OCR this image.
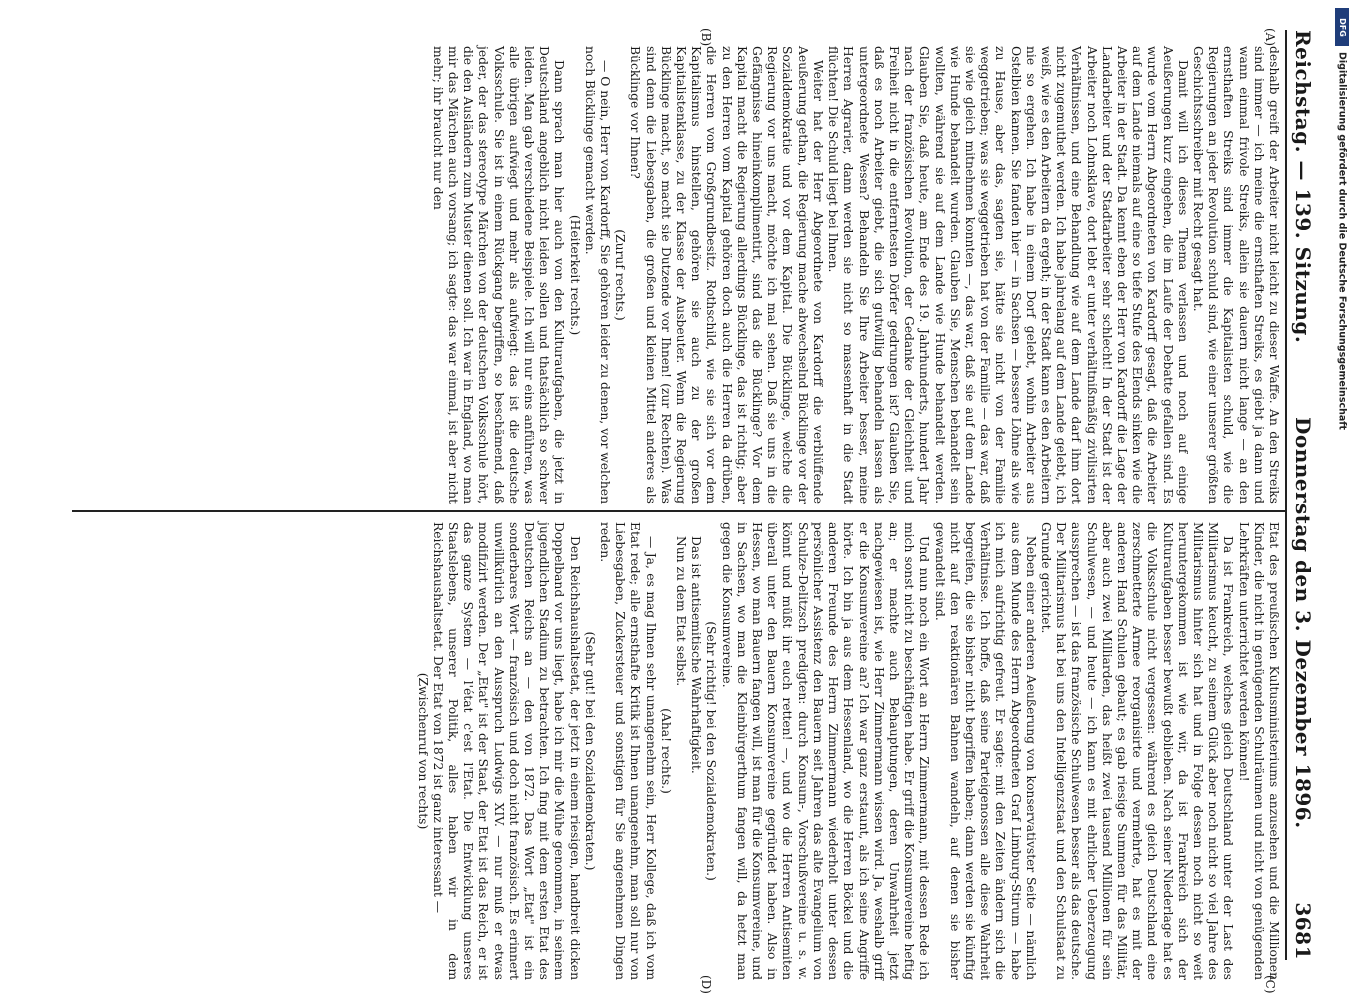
Reichstag. — 139. Sitzung.
Donnerstag den 3. Dezember 1896.
3681
(A)
(B)
(C)
(D)

deshalb greift der Arbeiter nicht leicht zu dieser Waffe. An den Streiks sind immer — ich meine die ernsthaften Streiks, es giebt ja dann und wann einmal frivole Streiks, allein sie dauern nicht lange — an den ernsthaften Streiks sind immer die Kapitalisten schuld, wie die Regierungen an jeder Revolution schuld sind, wie einer unserer größten Geschichtsschreiber mit Recht gesagt hat.

Damit will ich dieses Thema verlassen und noch auf einige Aeußerungen kurz eingehen, die im Laufe der Debatte gefallen sind. Es wurde vom Herrn Abgeordneten von Kardorff gesagt, daß die Arbeiter auf dem Lande niemals auf eine so tiefe Stufe des Elends sinken wie die Arbeiter in der Stadt. Da kennt eben der Herr von Kardorff die Lage der Landarbeiter und der Stadtarbeiter sehr schlecht! In der Stadt ist der Arbeiter noch Lohnsklave, dort lebt er unter verhältnißmäßig zivilisirten Verhältnissen, und eine Behandlung wie auf dem Lande darf ihm dort nicht zugemuthet werden. Ich habe jahrelang auf dem Lande gelebt, ich weiß, wie es den Arbeitern da ergeht; in der Stadt kann es den Arbeitern nie so ergehen. Ich habe in einem Dorf gelebt, wohin Arbeiter aus Ostelbien kamen. Sie fanden hier — in Sachsen — bessere Löhne als wie zu Hause, aber das, sagten sie, hätte sie nicht von der Familie weggetrieben; was sie weggetrieben hat von der Familie — das war, daß sie wie gleich mitnehmen konnten —, das war, daß sie auf dem Lande wie Hunde behandelt wurden. Glauben Sie, Menschen behandelt sein wollten, während sie auf dem Lande wie Hunde behandelt werden. Glauben Sie, daß heute, am Ende des 19. Jahrhunderts, hundert Jahr nach der französischen Revolution, der Gedanke der Gleichheit und Freiheit nicht in die entferntesten Dörfer gedrungen ist? Glauben Sie, daß es noch Arbeiter giebt, die sich gutwillig behandeln lassen als untergeordnete Wesen? Behandeln Sie Ihre Arbeiter besser, meine Herren Agrarier, dann werden sie nicht so massenhaft in die Stadt flüchten! Die Schuld liegt bei Ihnen.

Weiter hat der Herr Abgeordnete von Kardorff die verblüffende Aeußerung gethan, die Regierung mache abwechselnd Bücklinge vor der Sozialdemokratie und vor dem Kapital. Die Bücklinge, welche die Regierung vor uns macht, möchte ich mal sehen. Daß sie uns in die Gefängnisse hineinkomplimentirt, sind das die Bücklinge? Vor dem Kapital macht die Regierung allerdings Bücklinge, das ist richtig; aber zu den Herren vom Kapital gehören doch auch die Herren da drüben, die Herren vom Großgrundbesitz. Rothschild, wie sie sich vor dem Kapitalismus hinstellen, gehören sie auch zu der großen Kapitalistenklasse, zu der Klasse der Ausbeuter. Wenn die Regierung Bücklinge macht, so macht sie Dutzende vor Ihnen! (zur Rechten). Was sind denn die Liebesgaben, die großen und kleinen Mittel anderes als Bücklinge vor Ihnen?

(Zuruf rechts.)

— O nein, Herr von Kardorff, Sie gehören leider zu denen, vor welchen noch Bücklinge gemacht werden.

(Heiterkeit rechts.)

Dann sprach man hier auch von den Kulturaufgaben, die jetzt in Deutschland angeblich nicht leiden sollen und thatsächlich so schwer leiden. Man gab verschiedene Beispiele. Ich will nur eins anführen, was alle übrigen aufwiegt und mehr als aufwiegt: das ist die deutsche Volksschule. Sie ist in einem Rückgang begriffen, so beschämend, daß jeder, der das stereotype Märchen von der deutschen Volksschule hört, die den Ausländern zum Muster dienen soll. Ich war in England, wo man mir das Märchen auch vorsang; ich sagte: das war einmal, ist aber nicht mehr; ihr braucht nur den

Etat des preußischen Kultusministeriums anzusehen und die Millionen Kinder, die nicht in genügenden Schulräumen und nicht von genügenden Lehrkräften unterrichtet werden können!

Da ist Frankreich, welches gleich Deutschland unter der Last des Militarismus keucht, zu seinem Glück aber noch nicht so viel Jahre des Militarismus hinter sich hat und in Folge dessen noch nicht so weit heruntergekommen ist wie wir, da ist Frankreich sich der Kulturaufgaben besser bewußt geblieben. Nach seiner Niederlage hat es die Volksschule nicht vergessen: während es gleich Deutschland eine zerschmetterte Armee reorganisirte und vermehrte, hat es mit der anderen Hand Schulen gebaut; es gab riesige Summen für das Militär, aber auch zwei Milliarden, das heißt zwei tausend Millionen für sein Schulwesen, — und heute — ich kann es mit ehrlicher Ueberzeugung aussprechen — ist das französische Schulwesen besser als das deutsche. Der Militarismus hat bei uns den Intelligenzstaat und den Schulstaat zu Grunde gerichtet.

Neben einer anderen Aeußerung von konservativster Seite — nämlich aus dem Munde des Herrn Abgeordneten Graf Limburg-Stirum — habe ich mich aufrichtig gefreut. Er sagte: mit den Zeiten ändern sich die Verhältnisse. Ich hoffe, daß seine Parteigenossen alle diese Wahrheit begreifen, die sie bisher nicht begriffen haben; dann werden sie künftig nicht auf den reaktionären Bahnen wandeln, auf denen sie bisher gewandelt sind.

Und nun noch ein Wort an Herrn Zimmermann, mit dessen Rede ich mich sonst nicht zu beschäftigen habe. Er griff die Konsumvereine heftig an; er machte auch Behauptungen, deren Unwahrheit jetzt nachgewiesen ist, wie Herr Zimmermann wissen wird. Ja, weshalb griff er die Konsumvereine an? Ich war ganz erstaunt, als ich seine Angriffe hörte. Ich bin ja aus dem Hessenland, wo die Herren Böckel und die anderen Freunde des Herrn Zimmermann wiederholt unter dessen persönlicher Assistenz den Bauern seit Jahren das alte Evangelium von Schulze-Delitzsch predigten: durch Konsum-, Vorschußvereine u. s. w. könnt und müßt ihr euch retten! —, und wo die Herren Antisemiten überall unter den Bauern Konsumvereine gegründet haben. Also in Hessen, wo man Bauern fangen will, ist man für die Konsumvereine, und in Sachsen, wo man die Kleinbürgerthum fangen will, da hetzt man gegen die Konsumvereine.

(Sehr richtig! bei den Sozialdemokraten.)

Das ist antisemitische Wahrhaftigkeit.

Nun zu dem Etat selbst.

(Aha! rechts.)

— Ja, es mag Ihnen sehr unangenehm sein, Herr Kollege, daß ich vom Etat rede; alle ernsthafte Kritik ist Ihnen unangenehm, man soll nur von Liebesgaben, Zuckersteuer und sonstigen für Sie angenehmen Dingen reden.

(Sehr gut! bei den Sozialdemokraten.)

Den Reichshaushaltsetat, der jetzt in einem riesigen, handbreit dicken Doppelband vor uns liegt, habe ich mir die Mühe genommen, in seinem jugendlichen Stadium zu betrachten. Ich fing mit dem ersten Etat des Deutschen Reichs an — den von 1872. Das Wort „Etat" ist ein sonderbares Wort — französisch und doch nicht französisch. Es erinnert unwillkürlich an den Ausspruch Ludwigs XIV. — nur muß er etwas modifizirt werden. Der „Etat" ist der Staat, der Etat ist das Reich, er ist das ganze System — l'état c'est l'Etat. Die Entwicklung unseres Staatslebens, unserer Politik, alles haben wir in dem Reichshaushaltsetat. Der Etat von 1872 ist ganz interessant —

(Zwischenruf von rechts)

DFG
Digitalisierung gefördert durch die Deutsche Forschungsgemeinschaft
